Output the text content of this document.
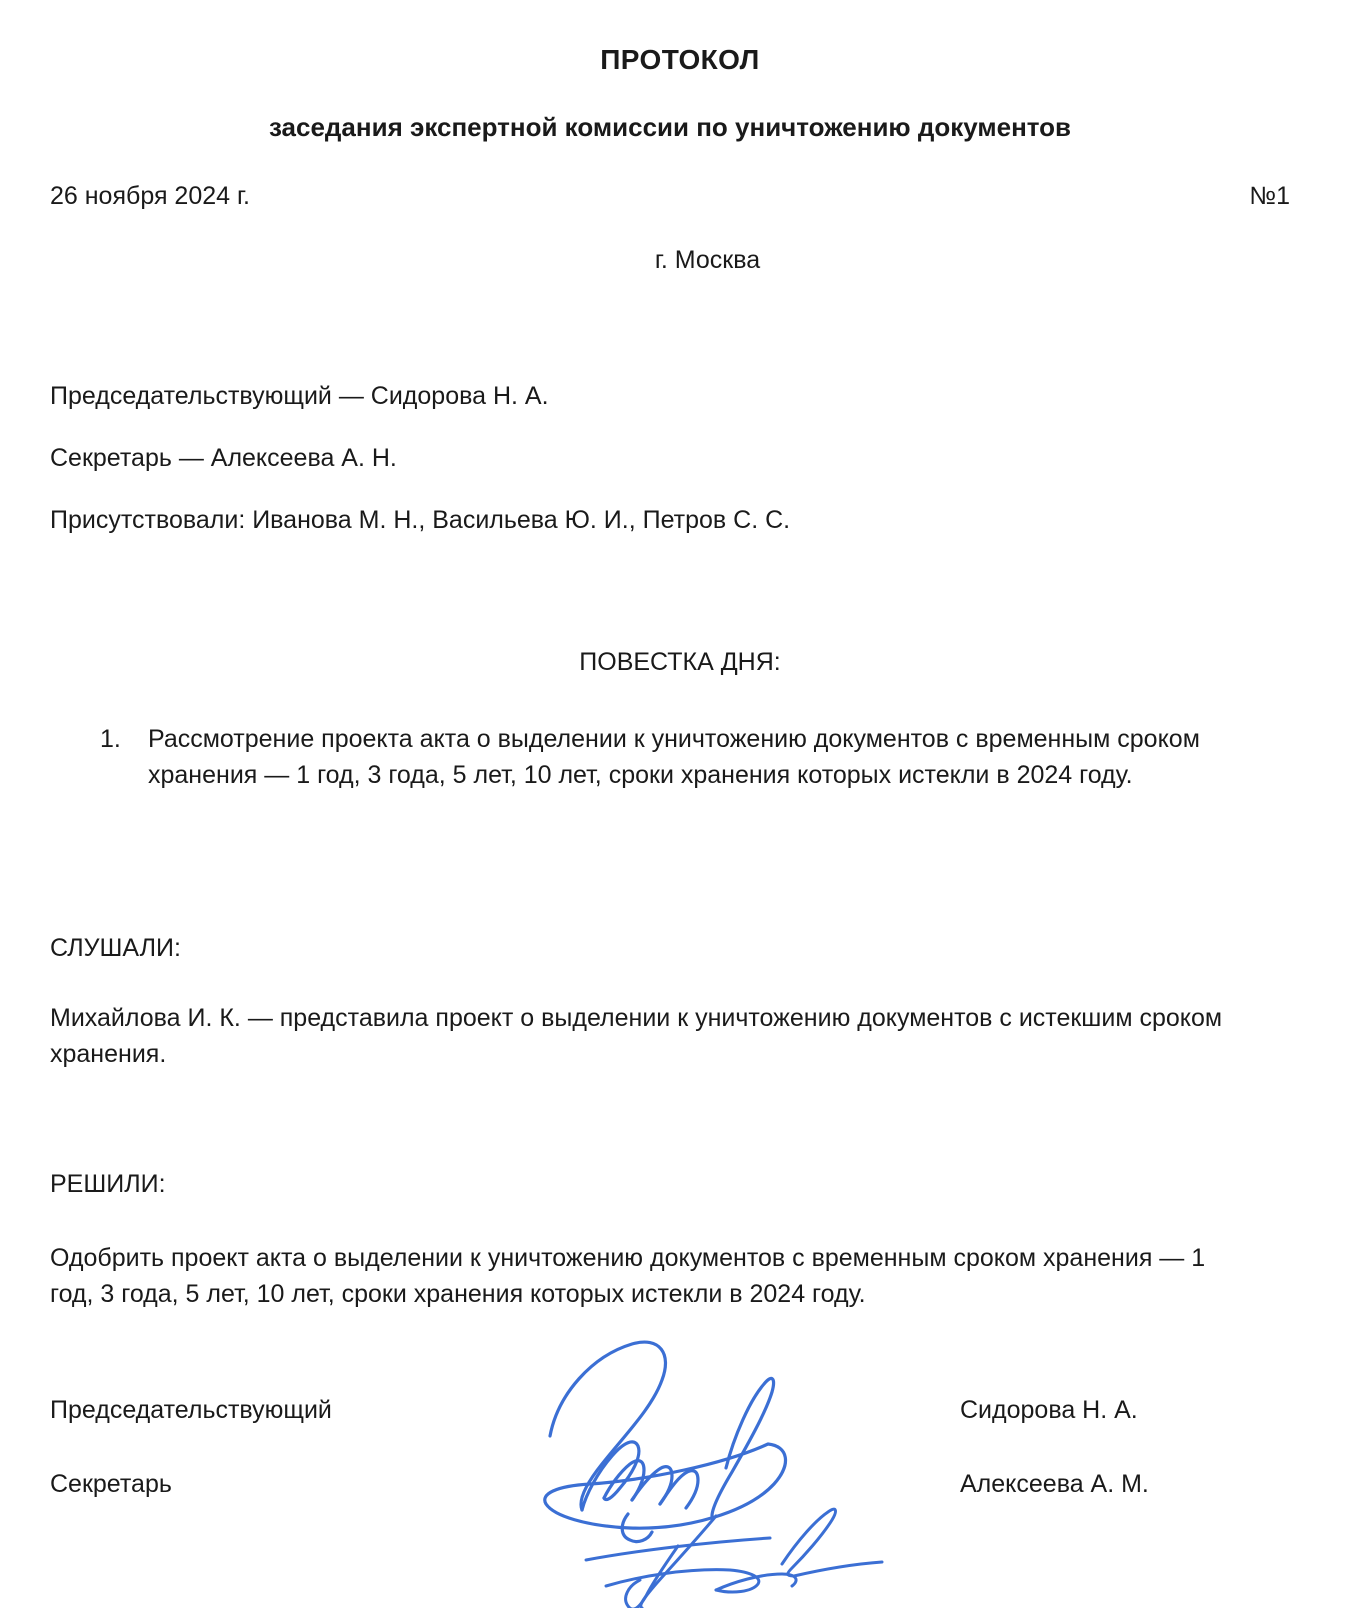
ПРОТОКОЛ
заседания экспертной комиссии по уничтожению документов
26 ноября 2024 г.	№1
г. Москва
Председательствующий — Сидорова Н. А.
Секретарь — Алексеева А. Н.
Присутствовали: Иванова М. Н., Васильева Ю. И., Петров С. С.
ПОВЕСТКА ДНЯ:
1. Рассмотрение проекта акта о выделении к уничтожению документов с временным сроком хранения — 1 год, 3 года, 5 лет, 10 лет, сроки хранения которых истекли в 2024 году.
СЛУШАЛИ:
Михайлова И. К. — представила проект о выделении к уничтожению документов с истекшим сроком хранения.
РЕШИЛИ:
Одобрить проект акта о выделении к уничтожению документов с временным сроком хранения — 1 год, 3 года, 5 лет, 10 лет, сроки хранения которых истекли в 2024 году.
Председательствующий	Сидорова Н. А.
Секретарь	Алексеева А. М.
